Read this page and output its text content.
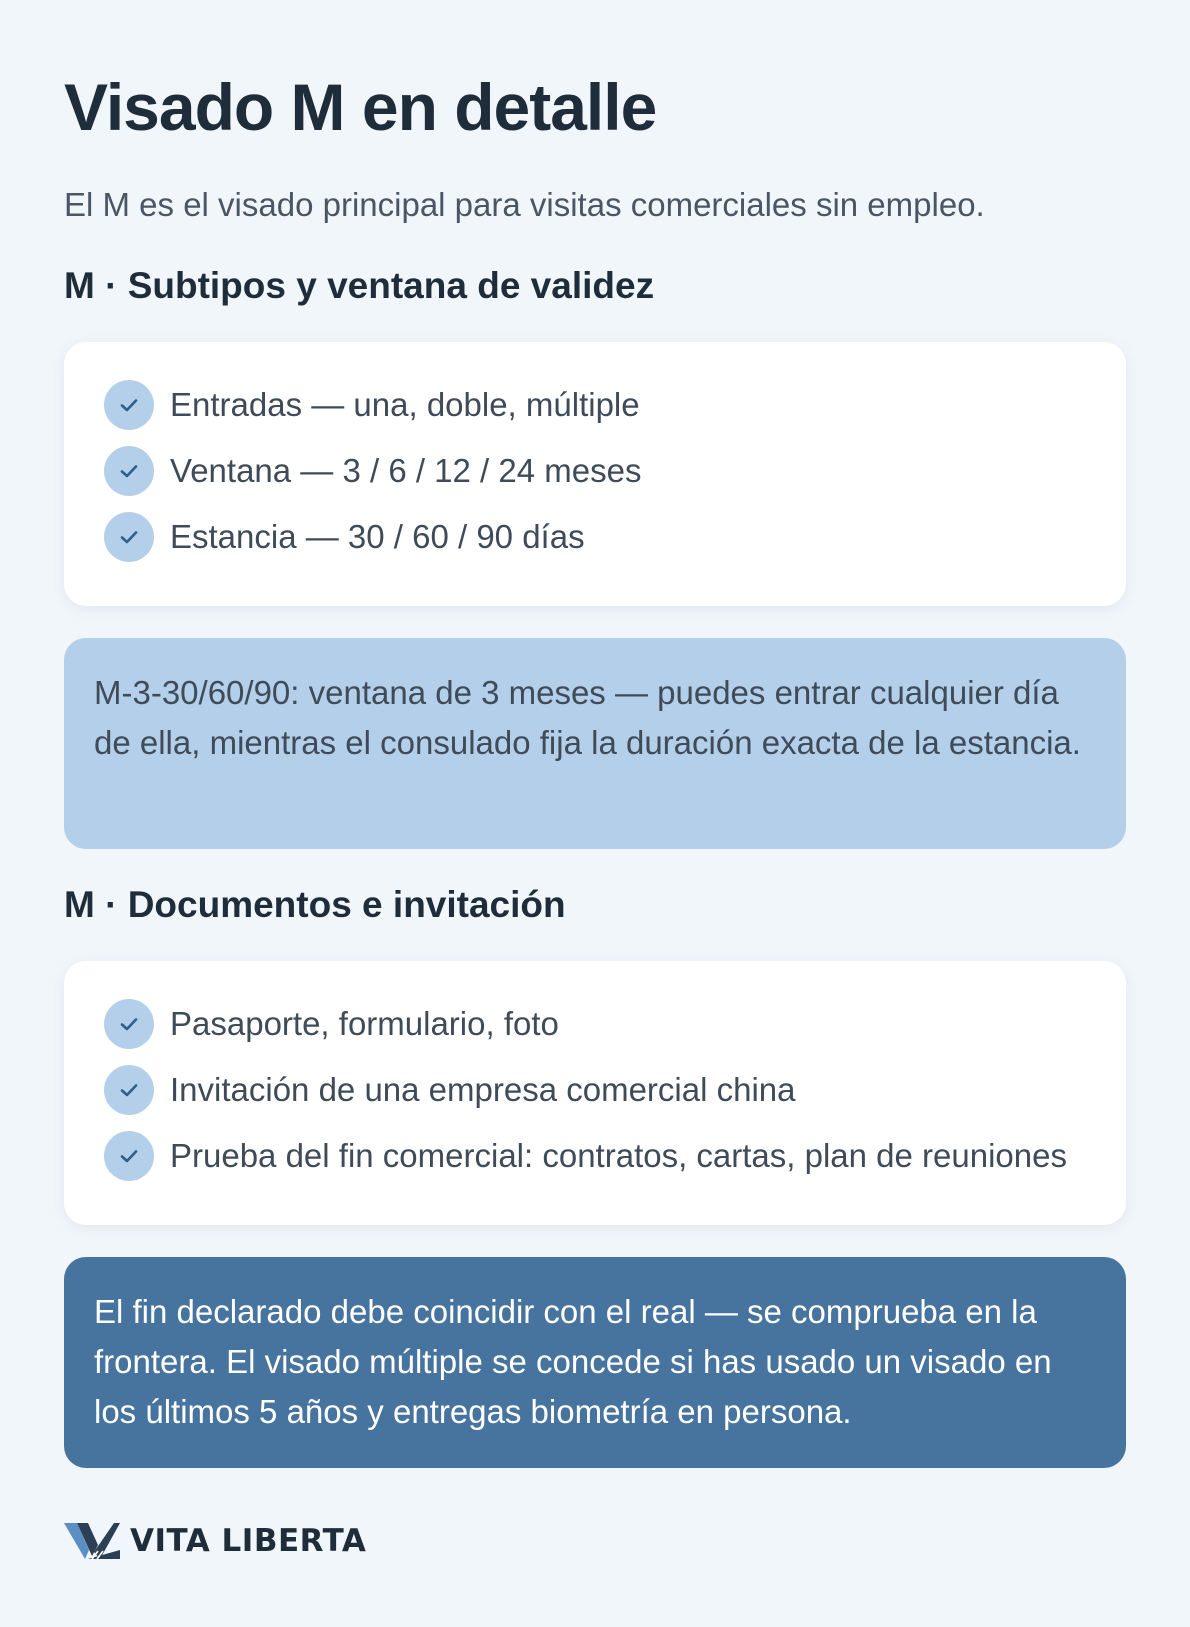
Visado M en detalle

El M es el visado principal para visitas comerciales sin empleo.

M · Subtipos y ventana de validez
Entradas — una, doble, múltiple
Ventana — 3 / 6 / 12 / 24 meses
Estancia — 30 / 60 / 90 días

M-3-30/60/90: ventana de 3 meses — puedes entrar cualquier día de ella, mientras el consulado fija la duración exacta de la estancia.

M · Documentos e invitación
Pasaporte, formulario, foto
Invitación de una empresa comercial china
Prueba del fin comercial: contratos, cartas, plan de reuniones

El fin declarado debe coincidir con el real — se comprueba en la frontera. El visado múltiple se concede si has usado un visado en los últimos 5 años y entregas biometría en persona.

VITA LIBERTA
